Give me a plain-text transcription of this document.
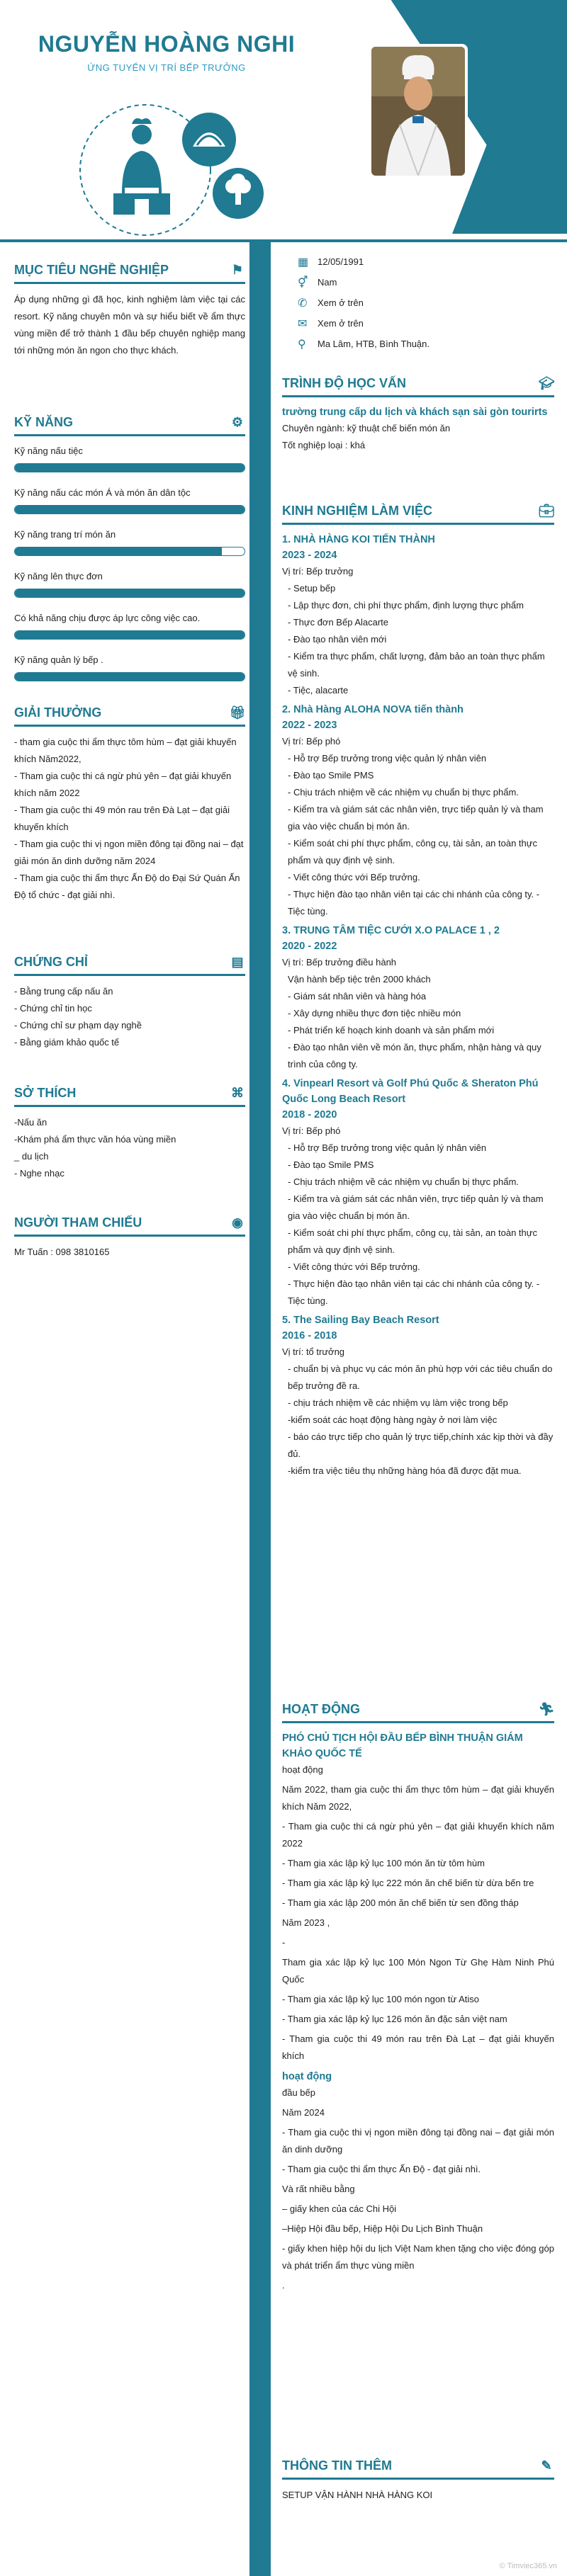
NGUYỄN HOÀNG NGHI
ỨNG TUYỂN VỊ TRÍ BẾP TRƯỞNG
▦ 12/05/1991
⚥	Nam
✆	Xem ở trên
✉	Xem ở trên
⚲	Ma Lâm, HTB, Bình Thuận.
MỤC TIÊU NGHỀ NGHIỆP	⚑
Áp dụng những gì đã học, kinh nghiệm làm việc tại các resort. Kỹ năng chuyên môn và sự hiểu biết về ẩm thực vùng miền để trở thành 1 đầu bếp chuyên nghiệp mang tới những món ăn ngon cho thực khách.
KỸ NĂNG	⚙
Kỹ năng nấu tiệc
Kỹ năng nấu các món Á và món ăn dân tộc
Kỹ năng trang trí món ăn
Kỹ năng lên thực đơn
Có khả năng chịu được áp lực công việc cao.
Kỹ năng quản lý bếp .
GIẢI THƯỞNG	🎁︎
- tham gia cuộc thi ẩm thực tôm hùm – đạt giải khuyến khích Năm2022,
- Tham gia cuộc thi cá ngừ phú yên – đạt giải khuyến khích năm 2022
- Tham gia cuộc thi 49 món rau trên Đà Lạt – đạt giải khuyến khích
- Tham gia cuộc thi vị ngon miền đông tại đồng nai – đạt giải món ăn dinh dưỡng năm 2024
- Tham gia cuộc thi ẩm thực Ấn Độ do Đại Sứ Quán Ấn Độ tổ chức - đạt giải nhì.
CHỨNG CHỈ	▤
- Bằng trung cấp nấu ăn
- Chứng chỉ tin học
- Chứng chỉ sư phạm dạy nghề
- Bằng giám khảo quốc tế
SỞ THÍCH	⌘
-Nấu ăn
-Khám phá ẩm thực văn hóa vùng miền
_ du lịch
- Nghe nhạc
NGƯỜI THAM CHIẾU	◉
Mr Tuấn : 098 3810165
TRÌNH ĐỘ HỌC VẤN	🎓︎
trường trung cấp du lịch và khách sạn sài gòn tourirts
Chuyên ngành: kỹ thuật chế biến món ăn
Tốt nghiệp loại : khá
KINH NGHIỆM LÀM VIỆC	💼︎
1. NHÀ HÀNG KOI TIẾN THÀNH
2023 - 2024
Vị trí: Bếp trưởng
- Setup bếp
- Lập thực đơn, chi phí thực phẩm, định lượng thực phẩm
- Thực đơn Bếp Alacarte
- Đào tạo nhân viên mới
- Kiểm tra thực phẩm, chất lượng, đảm bảo an toàn thực phẩm vệ sinh.
- Tiệc, alacarte
2. Nhà Hàng ALOHA NOVA tiến thành
2022 - 2023
Vị trí: Bếp phó
- Hỗ trợ Bếp trưởng trong việc quản lý nhân viên
- Đào tạo Smile PMS
- Chịu trách nhiệm về các nhiệm vụ chuẩn bị thực phẩm.
- Kiểm tra và giám sát các nhân viên, trực tiếp quản lý và tham gia vào việc chuẩn bị món ăn.
- Kiểm soát chi phí thực phẩm, công cụ, tài sản, an toàn thực phẩm và quy định vệ sinh.
- Viết công thức với Bếp trưởng.
- Thực hiện đào tạo nhân viên tại các chi nhánh của công ty. - Tiệc tùng.
3. TRUNG TÂM TIỆC CƯỚI X.O PALACE 1 , 2
2020 - 2022
Vị trí: Bếp trưởng điều hành
Vận hành bếp tiệc trên 2000 khách
- Giám sát nhân viên và hàng hóa
- Xây dựng nhiều thực đơn tiệc nhiều món
- Phát triển kế hoạch kinh doanh và sản phẩm mới
- Đào tạo nhân viên về món ăn, thực phẩm, nhận hàng và quy trình của công ty.
4. Vinpearl Resort và Golf Phú Quốc & Sheraton Phú Quốc Long Beach Resort
2018 - 2020
Vị trí: Bếp phó
- Hỗ trợ Bếp trưởng trong việc quản lý nhân viên
- Đào tạo Smile PMS
- Chịu trách nhiệm về các nhiệm vụ chuẩn bị thực phẩm.
- Kiểm tra và giám sát các nhân viên, trực tiếp quản lý và tham gia vào việc chuẩn bị món ăn.
- Kiểm soát chi phí thực phẩm, công cụ, tài sản, an toàn thực phẩm và quy định vệ sinh.
- Viết công thức với Bếp trưởng.
- Thực hiện đào tạo nhân viên tại các chi nhánh của công ty. - Tiệc tùng.
5. The Sailing Bay Beach Resort
2016 - 2018
Vị trí: tổ trưởng
- chuẩn bị và phục vụ các món ăn phù hợp với các tiêu chuẩn do bếp trưởng đề ra.
- chịu trách nhiệm về các nhiệm vụ làm việc trong bếp
-kiểm soát các hoạt động hàng ngày ở nơi làm việc
- báo cáo trực tiếp cho quản lý trực tiếp,chính xác kịp thời và đầy đủ.
-kiểm tra việc tiêu thụ những hàng hóa đã được đặt mua.
HOẠT ĐỘNG	🏃︎
PHÓ CHỦ TỊCH HỘI ĐẦU BẾP BÌNH THUẬN GIÁM KHẢO QUỐC TẾ
hoạt động
Năm 2022, tham gia cuộc thi ẩm thực tôm hùm – đạt giải khuyến khích Năm 2022,
- Tham gia cuộc thi cá ngừ phú yên – đạt giải khuyến khích năm 2022
- Tham gia xác lập kỷ lục 100 món ăn từ tôm hùm
- Tham gia xác lập kỷ lục 222 món ăn chế biến từ dừa bến tre
- Tham gia xác lập 200 món ăn chế biến từ sen đồng tháp
Năm 2023 ,
-
Tham gia xác lập kỷ lục 100 Món Ngon Từ Ghẹ Hàm Ninh Phú Quốc
- Tham gia xác lập kỷ lục 100 món ngon từ Atiso
- Tham gia xác lập kỷ lục 126 món ăn đặc sản việt nam
- Tham gia cuộc thi 49 món rau trên Đà Lạt – đạt giải khuyến khích
hoạt động
đầu bếp
Năm 2024
- Tham gia cuộc thi vị ngon miền đông tại đồng nai – đạt giải món ăn dinh dưỡng
- Tham gia cuộc thi ẩm thực Ấn Độ - đạt giải nhì.
Và rất nhiều bằng
– giấy khen của các Chi Hội
–Hiệp Hội đầu bếp, Hiệp Hội Du Lịch Bình Thuận
- giấy khen hiệp hội du lịch Việt Nam khen tặng cho việc đóng góp và phát triển ẩm thực vùng miền
.
THÔNG TIN THÊM	✎
SETUP VẬN HÀNH NHÀ HÀNG KOI
© Timviec365.vn
